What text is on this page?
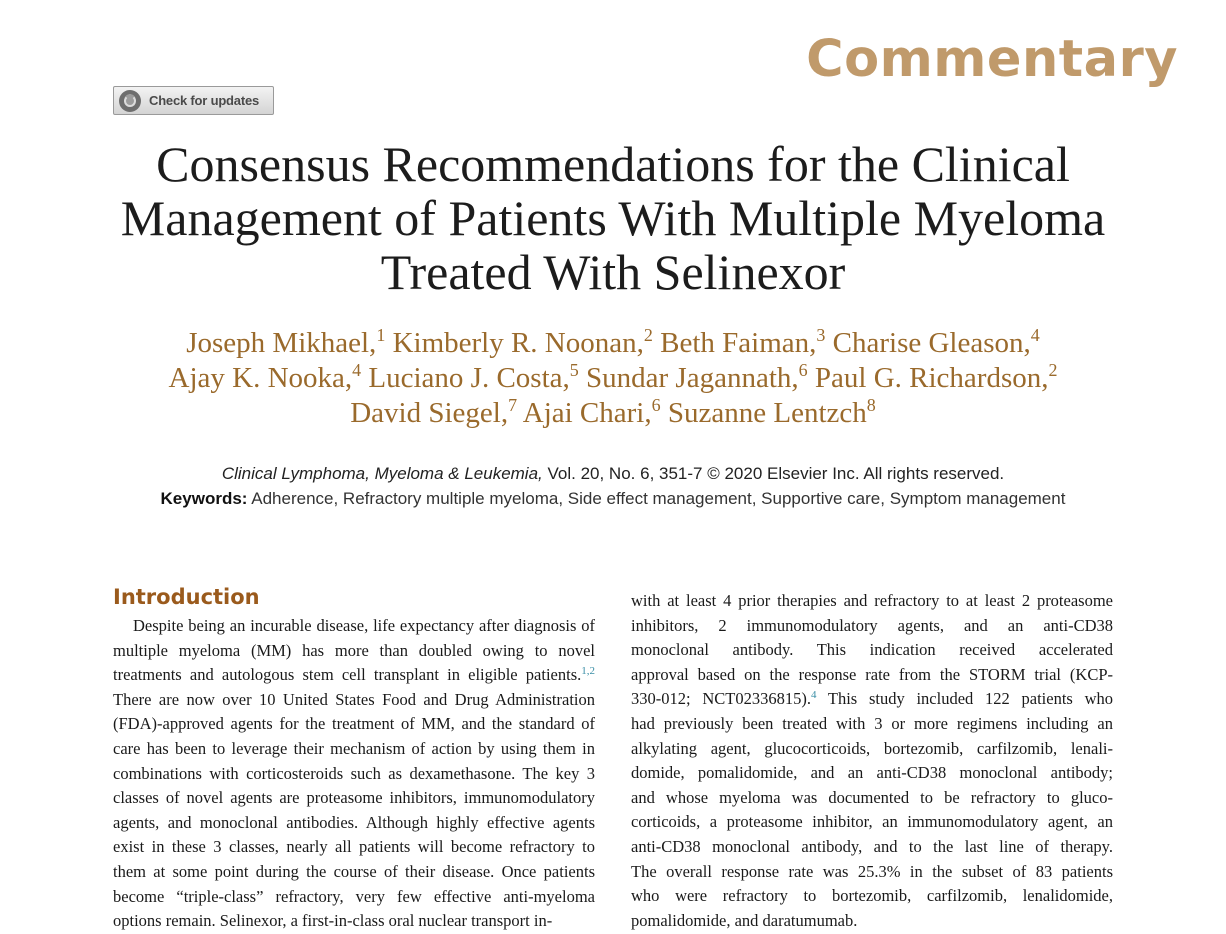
Commentary
Check for updates
Consensus Recommendations for the Clinical
Management of Patients With Multiple Myeloma
Treated With Selinexor
Joseph Mikhael,$^1$ Kimberly R. Noonan,$^2$ Beth Faiman,$^3$ Charise Gleason,$^4$
Ajay K. Nooka,$^4$ Luciano J. Costa,$^5$ Sundar Jagannath,$^6$ Paul G. Richardson,$^2$
David Siegel,$^7$ Ajai Chari,$^6$ Suzanne Lentzch$^8$
Clinical Lymphoma, Myeloma & Leukemia, Vol. 20, No. 6, 351-7 © 2020 Elsevier Inc. All rights reserved.
Keywords: Adherence, Refractory multiple myeloma, Side effect management, Supportive care, Symptom management
Introduction
Despite being an incurable disease, life expectancy after diagnosis of
multiple myeloma (MM) has more than doubled owing to novel
treatments and autologous stem cell transplant in eligible patients.$^{1,2}$
There are now over 10 United States Food and Drug Administration
(FDA)-approved agents for the treatment of MM, and the standard of
care has been to leverage their mechanism of action by using them in
combinations with corticosteroids such as dexamethasone. The key 3
classes of novel agents are proteasome inhibitors, immunomodulatory
agents, and monoclonal antibodies. Although highly effective agents
exist in these 3 classes, nearly all patients will become refractory to
them at some point during the course of their disease. Once patients
become “triple-class” refractory, very few effective anti-myeloma
options remain. Selinexor, a first-in-class oral nuclear transport in-
with at least 4 prior therapies and refractory to at least 2 proteasome
inhibitors, 2 immunomodulatory agents, and an anti-CD38
monoclonal antibody. This indication received accelerated
approval based on the response rate from the STORM trial (KCP-
330-012; NCT02336815).$^4$ This study included 122 patients who
had previously been treated with 3 or more regimens including an
alkylating agent, glucocorticoids, bortezomib, carfilzomib, lenali-
domide, pomalidomide, and an anti-CD38 monoclonal antibody;
and whose myeloma was documented to be refractory to gluco-
corticoids, a proteasome inhibitor, an immunomodulatory agent, an
anti-CD38 monoclonal antibody, and to the last line of therapy.
The overall response rate was 25.3% in the subset of 83 patients
who were refractory to bortezomib, carfilzomib, lenalidomide,
pomalidomide, and daratumumab.
